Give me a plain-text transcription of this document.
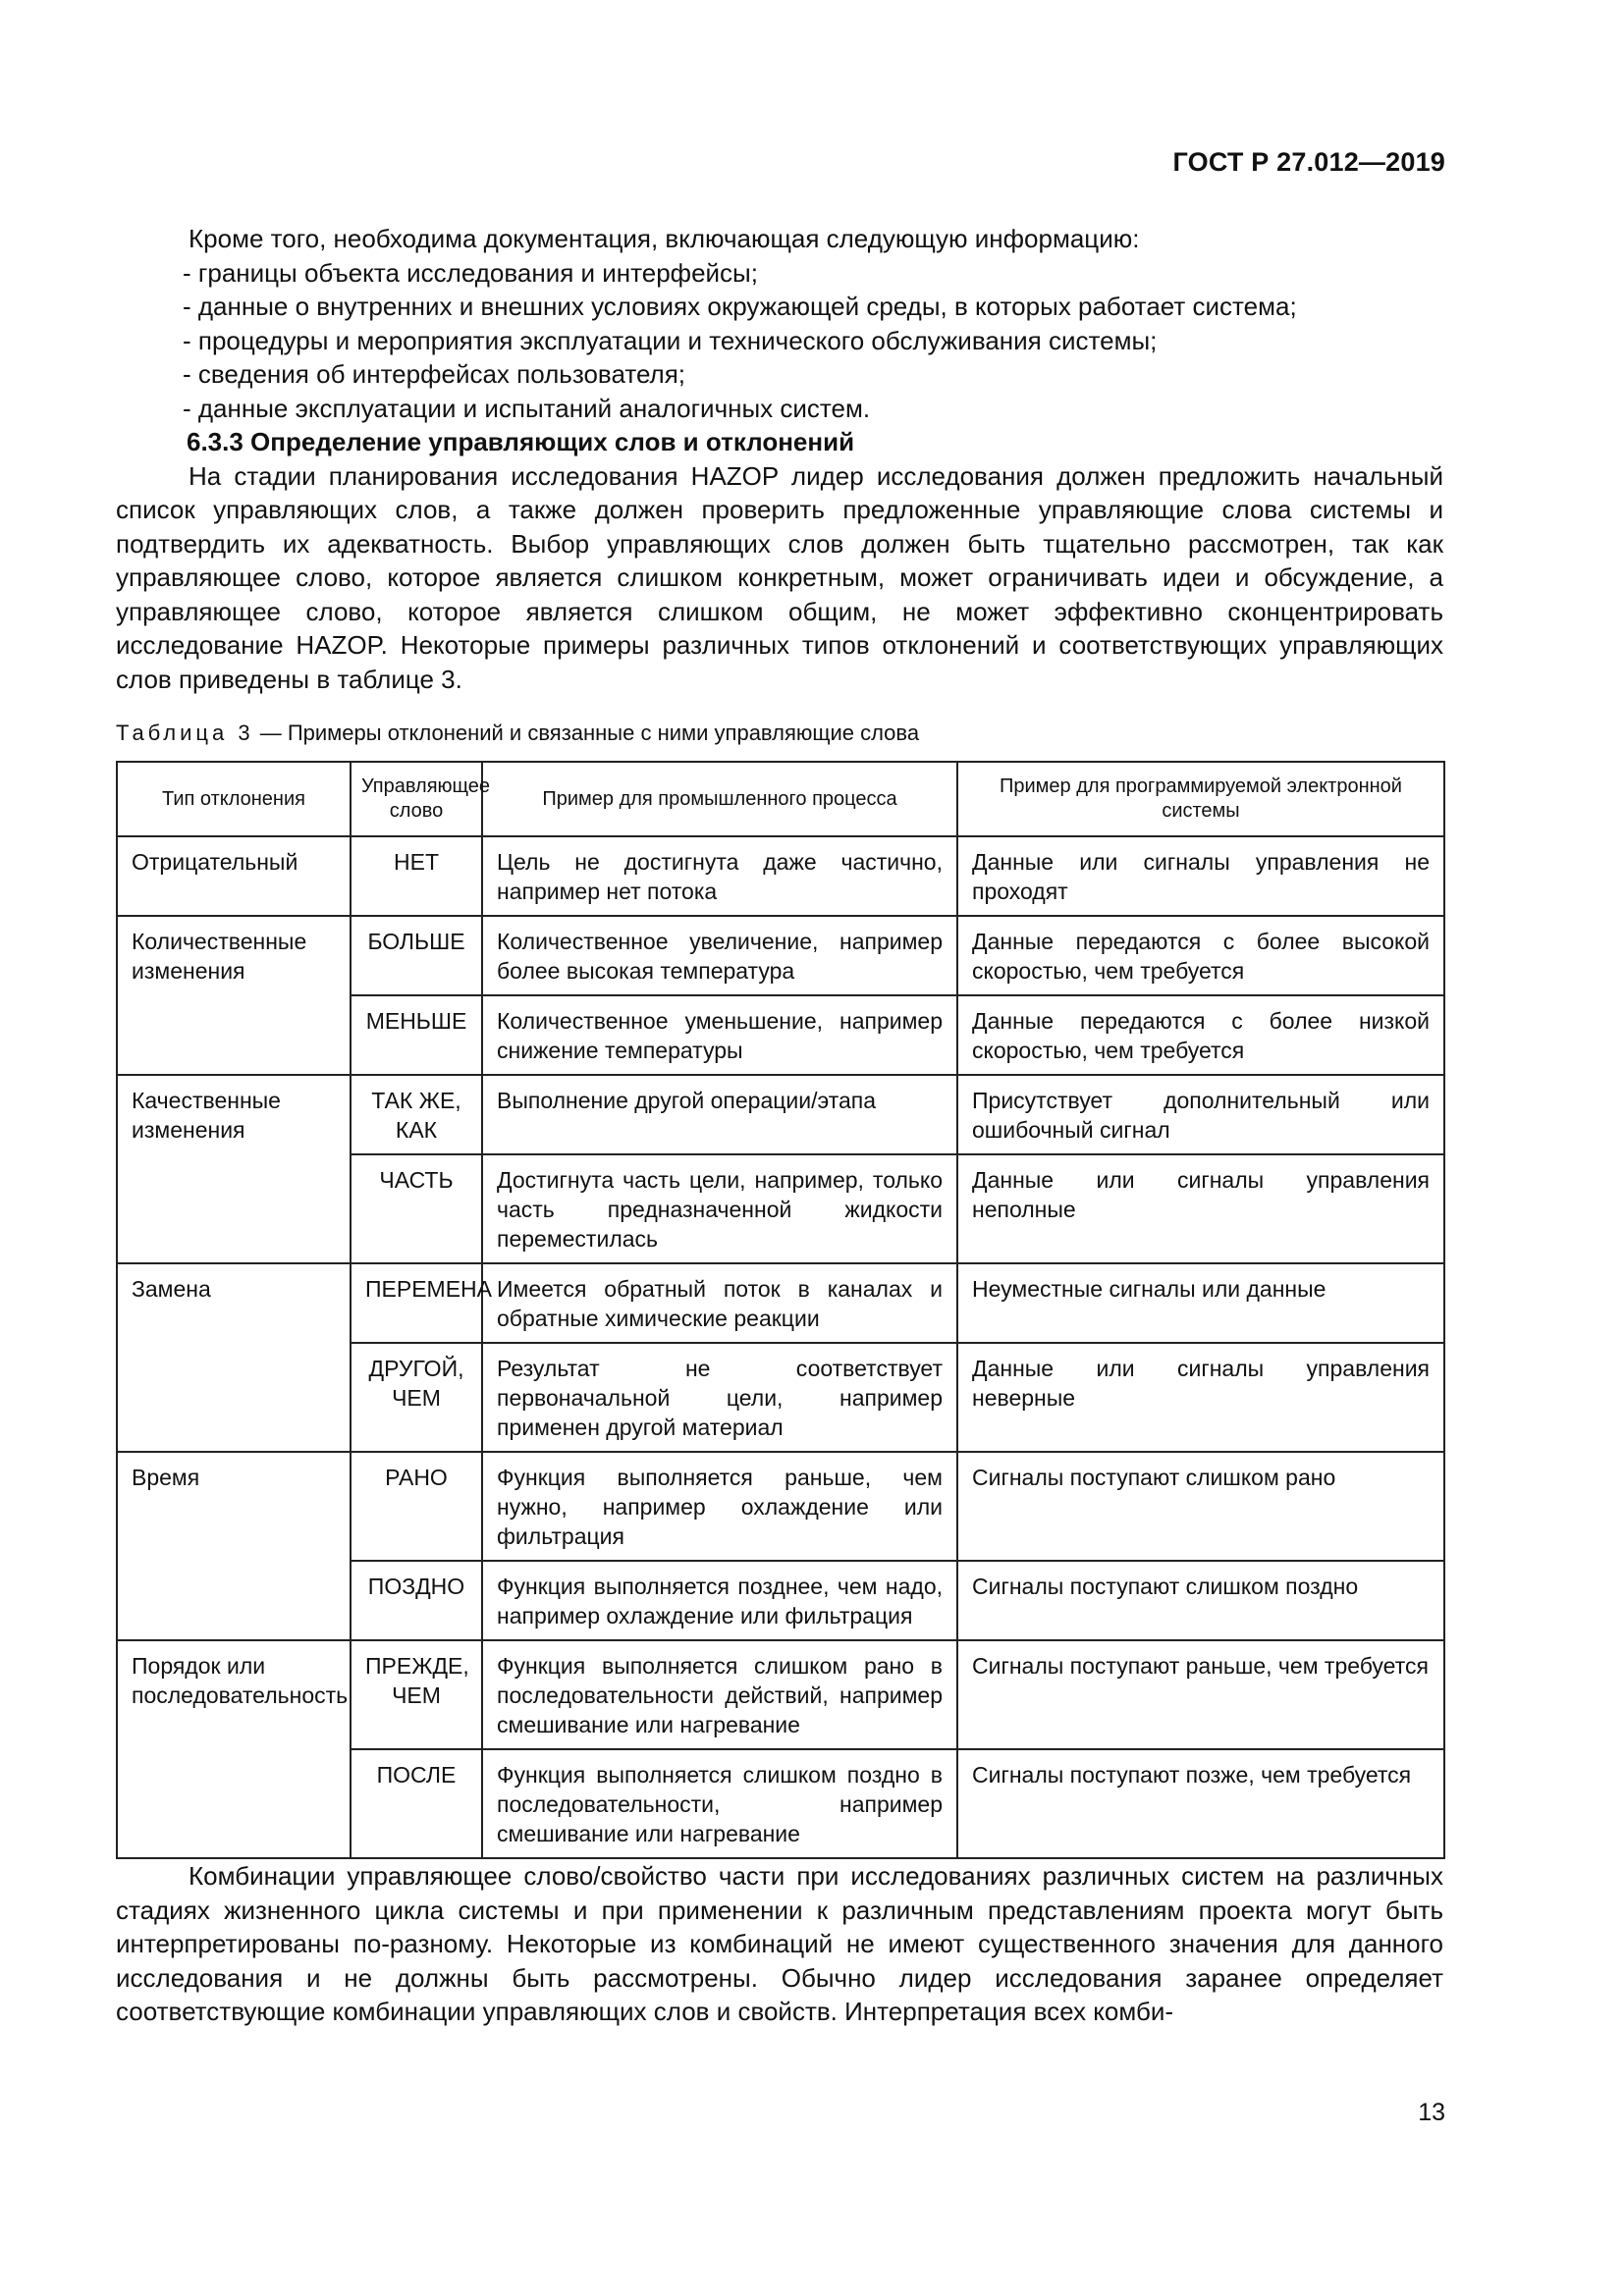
ГОСТ Р 27.012—2019

Кроме того, необходима документация, включающая следующую информацию:

- границы объекта исследования и интерфейсы;

- данные о внутренних и внешних условиях окружающей среды, в которых работает система;

- процедуры и мероприятия эксплуатации и технического обслуживания системы;

- сведения об интерфейсах пользователя;

- данные эксплуатации и испытаний аналогичных систем.

6.3.3 Определение управляющих слов и отклонений

На стадии планирования исследования HAZOP лидер исследования должен предложить начальный список управляющих слов, а также должен проверить предложенные управляющие слова системы и подтвердить их адекватность. Выбор управляющих слов должен быть тщательно рассмотрен, так как управляющее слово, которое является слишком конкретным, может ограничивать идеи и обсуждение, а управляющее слово, которое является слишком общим, не может эффективно сконцентрировать исследование HAZOP. Некоторые примеры различных типов отклонений и соответствующих управляющих слов приведены в таблице 3.

Таблица 3 — Примеры отклонений и связанные с ними управляющие слова
Тип отклонения	Управляющее слово	Пример для промышленного процесса	Пример для программируемой электронной системы
Отрицательный	НЕТ	Цель не достигнута даже частично, например нет потока	Данные или сигналы управления не проходят
Количественные изменения	БОЛЬШЕ	Количественное увеличение, например более высокая температура	Данные передаются с более высокой скоростью, чем требуется
	МЕНЬШЕ	Количественное уменьшение, например снижение температуры	Данные передаются с более низкой скоростью, чем требуется
Качественные изменения	ТАК ЖЕ, КАК	Выполнение другой операции/этапа	Присутствует дополнительный или ошибочный сигнал
	ЧАСТЬ	Достигнута часть цели, например, только часть предназначенной жидкости переместилась	Данные или сигналы управления неполные
Замена	ПЕРЕМЕНА	Имеется обратный поток в каналах и обратные химические реакции	Неуместные сигналы или данные
	ДРУГОЙ, ЧЕМ	Результат не соответствует первоначальной цели, например применен другой материал	Данные или сигналы управления неверные
Время	РАНО	Функция выполняется раньше, чем нужно, например охлаждение или фильтрация	Сигналы поступают слишком рано
	ПОЗДНО	Функция выполняется позднее, чем надо, например охлаждение или фильтрация	Сигналы поступают слишком поздно
Порядок или последовательность	ПРЕЖДЕ, ЧЕМ	Функция выполняется слишком рано в последовательности действий, например смешивание или нагревание	Сигналы поступают раньше, чем требуется
	ПОСЛЕ	Функция выполняется слишком поздно в последовательности, например смешивание или нагревание	Сигналы поступают позже, чем требуется

Комбинации управляющее слово/свойство части при исследованиях различных систем на различных стадиях жизненного цикла системы и при применении к различным представлениям проекта могут быть интерпретированы по-разному. Некоторые из комбинаций не имеют существенного значения для данного исследования и не должны быть рассмотрены. Обычно лидер исследования заранее определяет соответствующие комбинации управляющих слов и свойств. Интерпретация всех комби-

13
